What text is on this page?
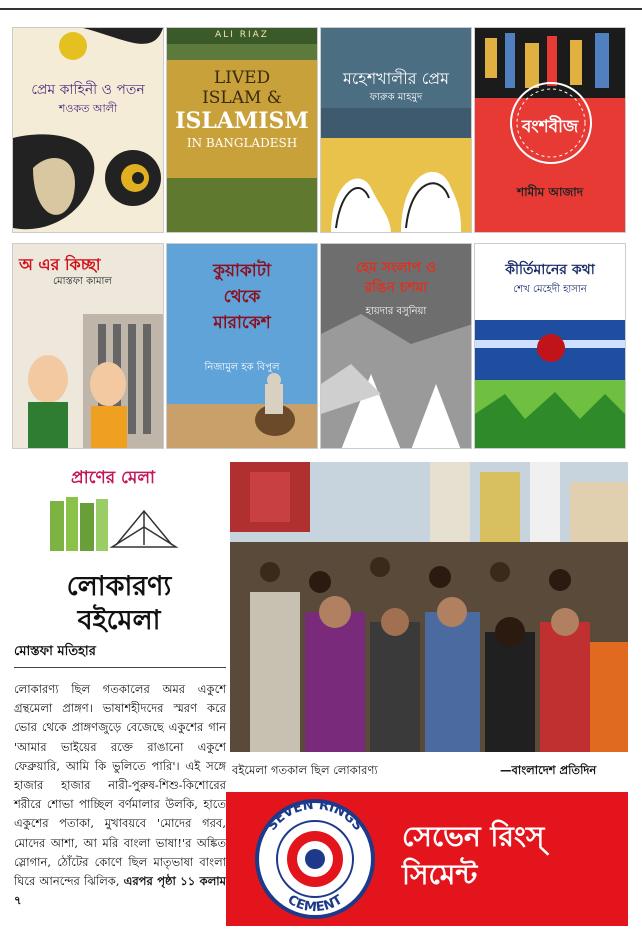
প্রেম কাহিনী ও পতন
শওকত আলী
ALI RIAZ
LIVED
ISLAM &
ISLAMISM
IN BANGLADESH
মহেশখালীর প্রেম
ফারুক মাহমুদ
বংশবীজ
শামীম আজাদ
অ এর কিচ্ছা
মোস্তফা কামাল
কুয়াকাটা
থেকে
মারাকেশ
নিজামুল হক বিপুল
হেম সংলাপ ও
রঙিন চশমা
হায়দার বসুনিয়া
কীর্তিমানের কথা
শেখ মেহেদী হাসান
প্রাণের মেলা
লোকারণ্য
বইমেলা
মোস্তফা মতিহার
লোকারণ্য ছিল গতকালের অমর একুশে গ্রন্থমেলা প্রাঙ্গণ। ভাষাশহীদদের স্মরণ করে ভোর থেকে প্রাঙ্গণজুড়ে বেজেছে একুশের গান 'আমার ভাইয়ের রক্তে রাঙানো একুশে ফেব্রুয়ারি, আমি কি ভুলিতে পারি'। এই সঙ্গে হাজার হাজার নারী-পুরুষ-শিশু-কিশোরের শরীরে শোভা পাচ্ছিল বর্ণমালার উলকি, হাতে একুশের পতাকা, মুখাবয়বে 'মোদের গরব, মোদের আশা, আ মরি বাংলা ভাষা!'র অঙ্কিত স্লোগান, ঠোঁটের কোণে ছিল মাতৃভাষা বাংলা ঘিরে আনন্দের ঝিলিক, এরপর পৃষ্ঠা ১১ কলাম ৭
বইমেলা গতকাল ছিল লোকারণ্য	—বাংলাদেশ প্রতিদিন
SEVEN RINGS
CEMENT
সেভেন রিংস্
সিমেন্ট
